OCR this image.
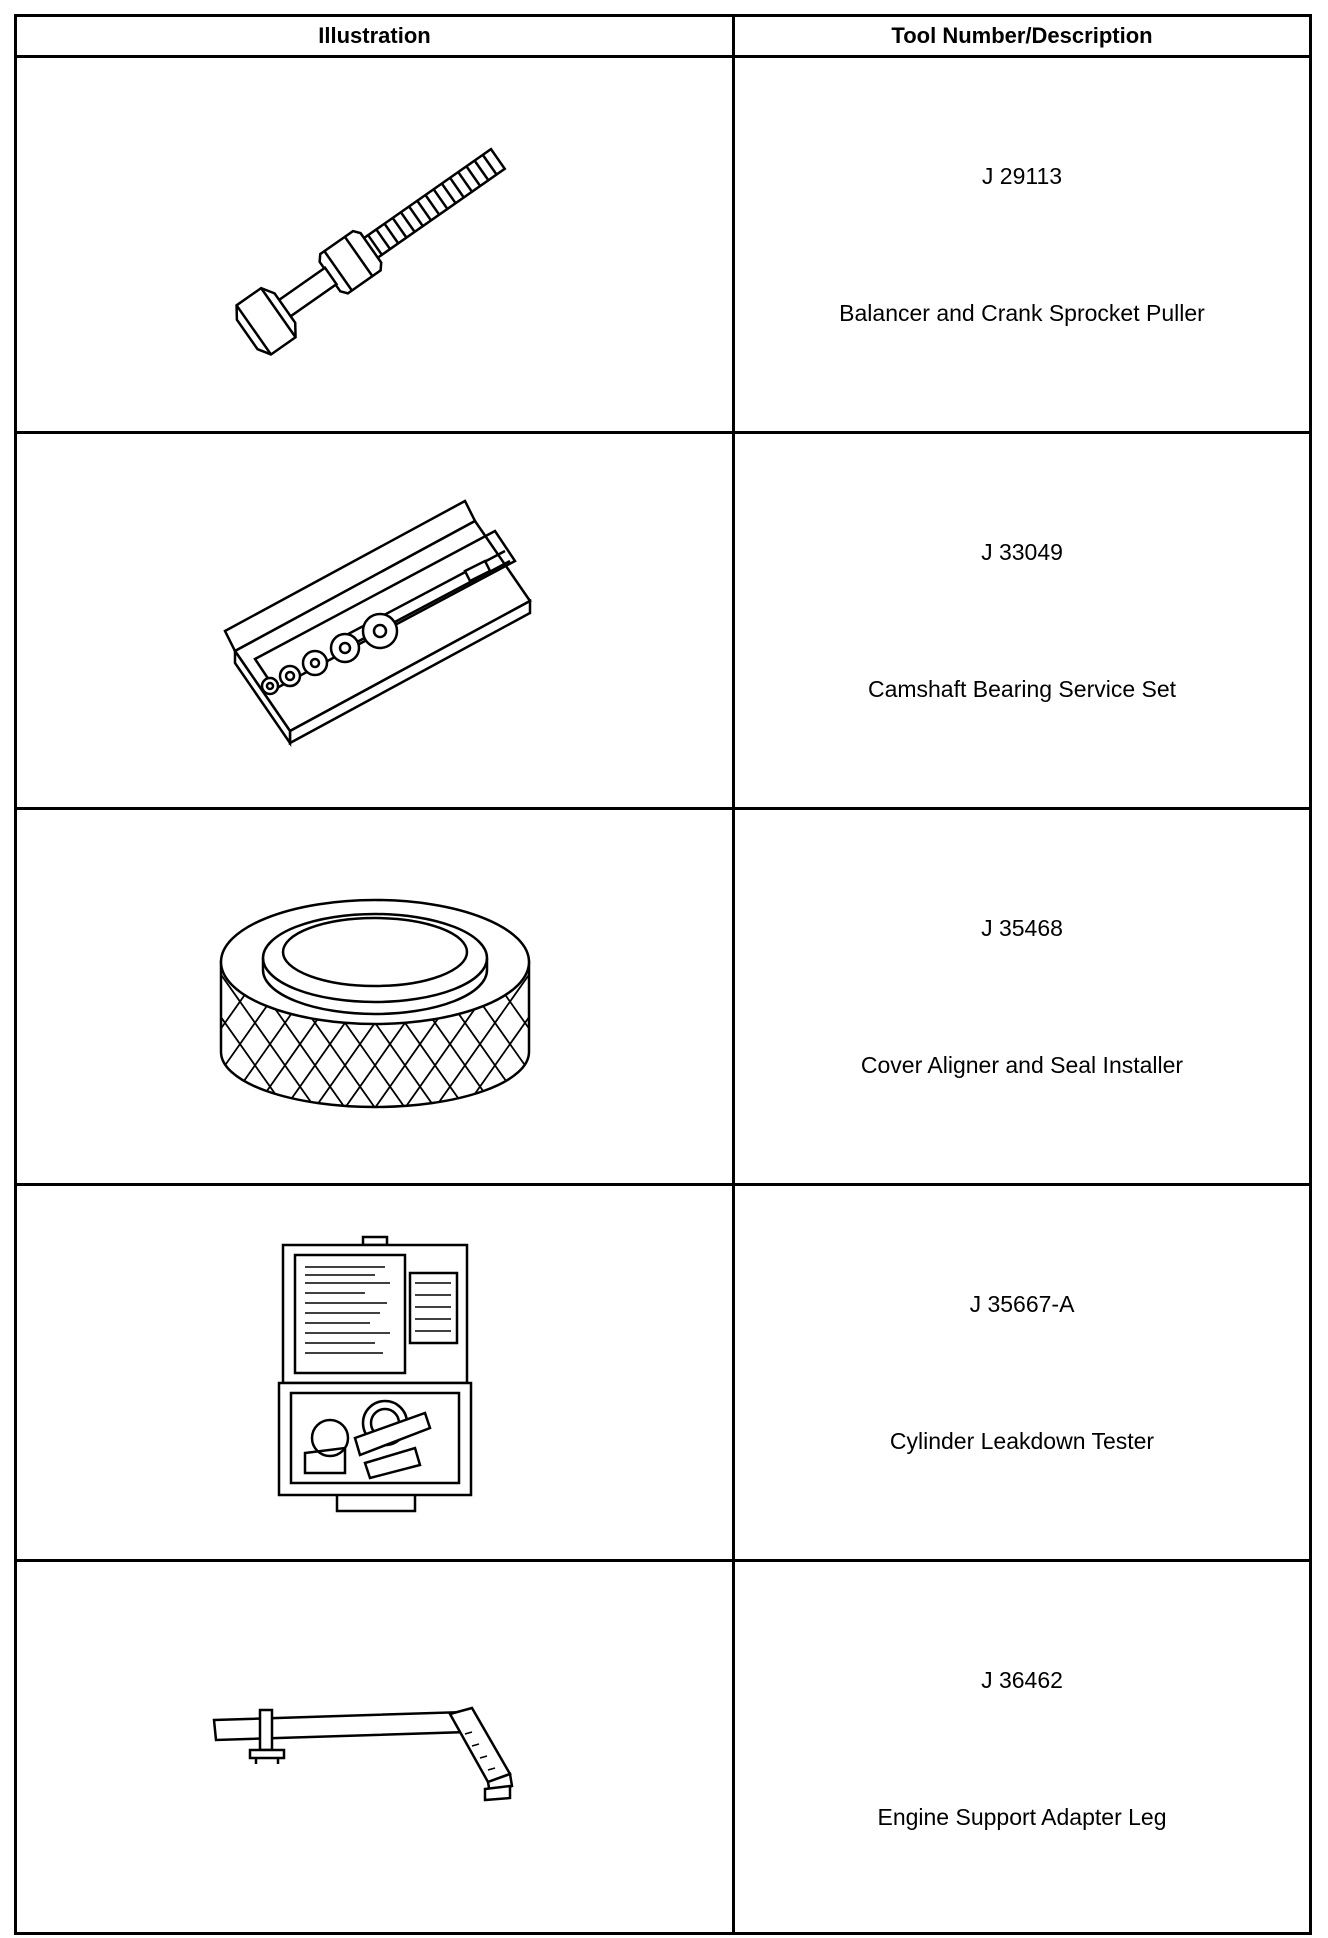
Illustration	Tool Number/Description
J 29113
Balancer and Crank Sprocket Puller
J 33049
Camshaft Bearing Service Set
J 35468
Cover Aligner and Seal Installer
J 35667-A
Cylinder Leakdown Tester
J 36462
Engine Support Adapter Leg
